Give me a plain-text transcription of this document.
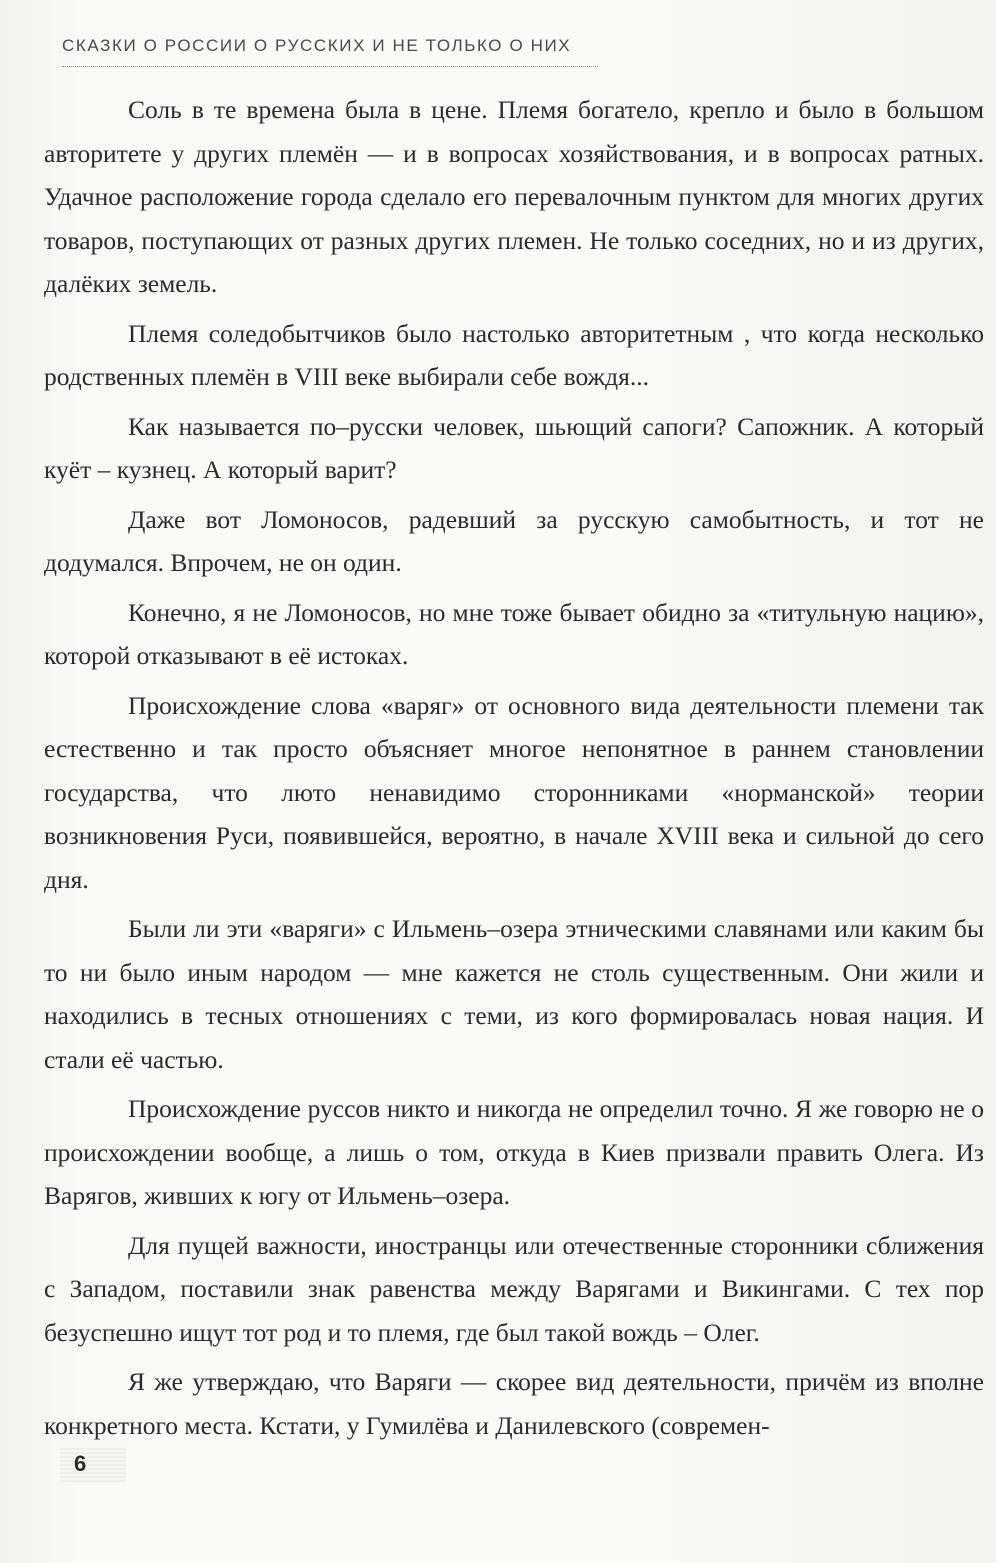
СКАЗКИ О РОССИИ О РУССКИХ И НЕ ТОЛЬКО О НИХ

Соль в те времена была в цене. Племя богатело, крепло и было в большом авторитете у других племён — и в вопросах хозяйствования, и в вопросах ратных. Удачное расположение города сделало его перевалочным пунктом для многих других товаров, поступающих от разных других племен. Не только соседних, но и из других, далёких земель.

Племя соледобытчиков было настолько авторитетным , что когда несколько родственных племён в VIII веке выбирали себе вождя...

Как называется по–русски человек, шьющий сапоги? Сапожник. А который куёт – кузнец. А который варит?

Даже вот Ломоносов, радевший за русскую самобытность, и тот не додумался. Впрочем, не он один.

Конечно, я не Ломоносов, но мне тоже бывает обидно за «титульную нацию», которой отказывают в её истоках.

Происхождение слова «варяг» от основного вида деятельности племени так естественно и так просто объясняет многое непонятное в раннем становлении государства, что люто ненавидимо сторонниками «норманской» теории возникновения Руси, появившейся, вероятно, в начале XVIII века и сильной до сего дня.

Были ли эти «варяги» с Ильмень–озера этническими славянами или каким бы то ни было иным народом — мне кажется не столь существенным. Они жили и находились в тесных отношениях с теми, из кого формировалась новая нация. И стали её частью.

Происхождение руссов никто и никогда не определил точно. Я же говорю не о происхождении вообще, а лишь о том, откуда в Киев призвали править Олега. Из Варягов, живших к югу от Ильмень–озера.

Для пущей важности, иностранцы или отечественные сторонники сближения с Западом, поставили знак равенства между Варягами и Викингами. С тех пор безуспешно ищут тот род и то племя, где был такой вождь – Олег.

Я же утверждаю, что Варяги — скорее вид деятельности, причём из вполне конкретного места. Кстати, у Гумилёва и Данилевского (современ-

6
